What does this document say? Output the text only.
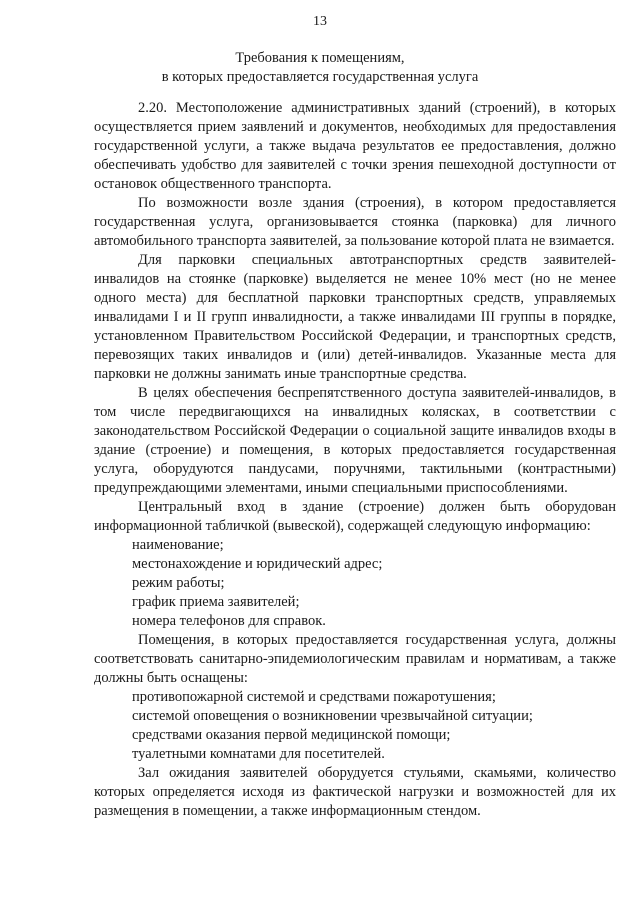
13
Требования к помещениям,
в которых предоставляется государственная услуга

2.20. Местоположение административных зданий (строений), в которых осуществляется прием заявлений и документов, необходимых для предоставления государственной услуги, а также выдача результатов ее предоставления, должно обеспечивать удобство для заявителей с точки зрения пешеходной доступности от остановок общественного транспорта.

По возможности возле здания (строения), в котором предоставляется государственная услуга, организовывается стоянка (парковка) для личного автомобильного транспорта заявителей, за пользование которой плата не взимается.

Для парковки специальных автотранспортных средств заявителей-инвалидов на стоянке (парковке) выделяется не менее 10% мест (но не менее одного места) для бесплатной парковки транспортных средств, управляемых инвалидами I и II групп инвалидности, а также инвалидами III группы в порядке, установленном Правительством Российской Федерации, и транспортных средств, перевозящих таких инвалидов и (или) детей-инвалидов. Указанные места для парковки не должны занимать иные транспортные средства.

В целях обеспечения беспрепятственного доступа заявителей-инвалидов, в том числе передвигающихся на инвалидных колясках, в соответствии с законодательством Российской Федерации о социальной защите инвалидов входы в здание (строение) и помещения, в которых предоставляется государственная услуга, оборудуются пандусами, поручнями, тактильными (контрастными) предупреждающими элементами, иными специальными приспособлениями.

Центральный вход в здание (строение) должен быть оборудован информационной табличкой (вывеской), содержащей следующую информацию:

наименование;

местонахождение и юридический адрес;

режим работы;

график приема заявителей;

номера телефонов для справок.

Помещения, в которых предоставляется государственная услуга, должны соответствовать санитарно-эпидемиологическим правилам и нормативам, а также должны быть оснащены:

противопожарной системой и средствами пожаротушения;

системой оповещения о возникновении чрезвычайной ситуации;

средствами оказания первой медицинской помощи;

туалетными комнатами для посетителей.

Зал ожидания заявителей оборудуется стульями, скамьями, количество которых определяется исходя из фактической нагрузки и возможностей для их размещения в помещении, а также информационным стендом.
